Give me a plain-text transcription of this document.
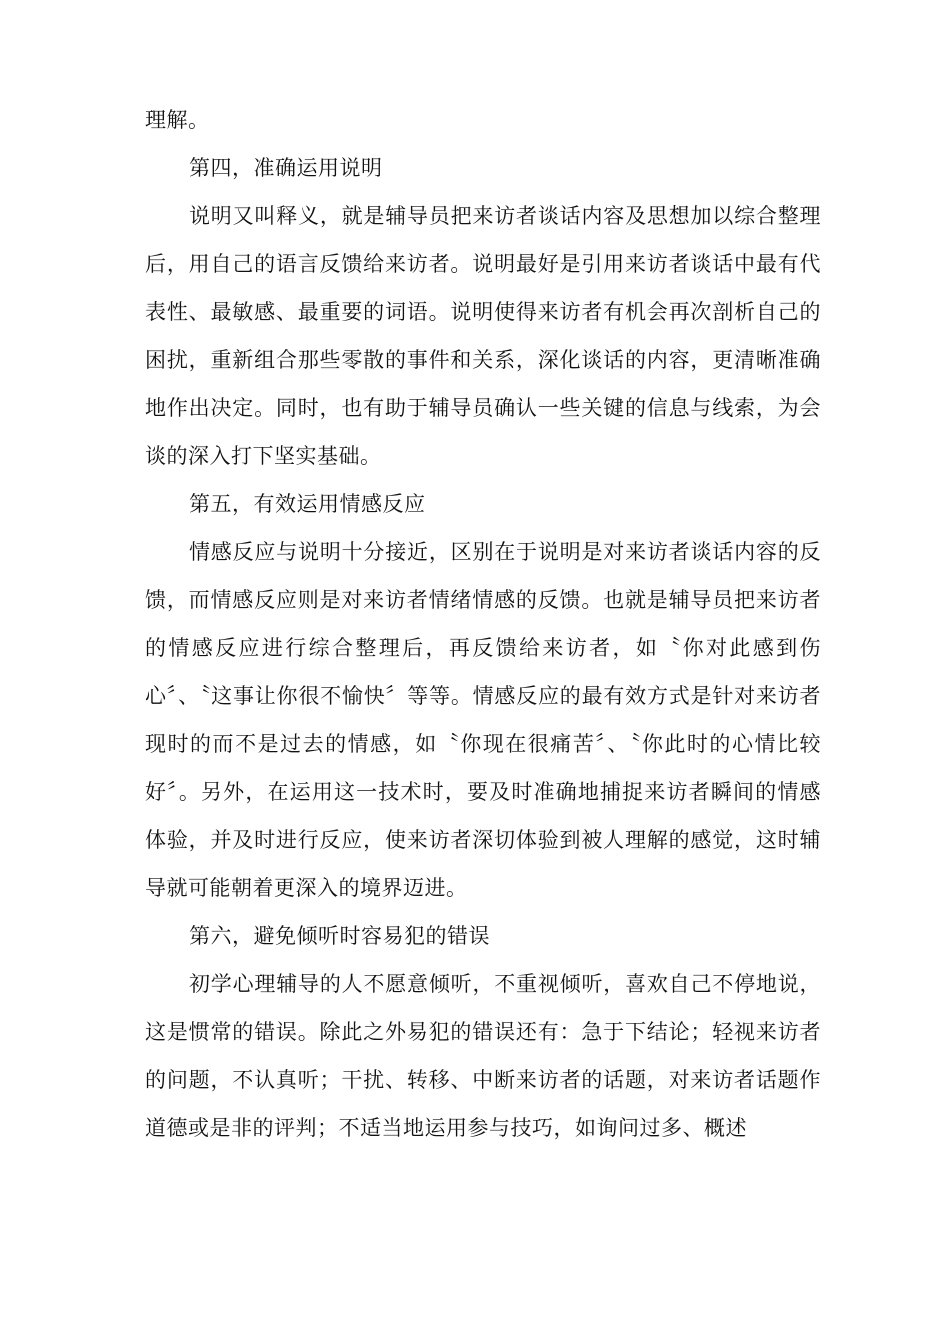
理解。

第四，准确运用说明

说明又叫释义，就是辅导员把来访者谈话内容及思想加以综合整理后，用自己的语言反馈给来访者。说明最好是引用来访者谈话中最有代表性、最敏感、最重要的词语。说明使得来访者有机会再次剖析自己的困扰，重新组合那些零散的事件和关系，深化谈话的内容，更清晰准确地作出决定。同时，也有助于辅导员确认一些关键的信息与线索，为会谈的深入打下坚实基础。

第五，有效运用情感反应

情感反应与说明十分接近，区别在于说明是对来访者谈话内容的反馈，而情感反应则是对来访者情绪情感的反馈。也就是辅导员把来访者的情感反应进行综合整理后，再反馈给来访者，如〝你对此感到伤心〞、〝这事让你很不愉快〞等等。情感反应的最有效方式是针对来访者现时的而不是过去的情感，如〝你现在很痛苦〞、〝你此时的心情比较好〞。另外，在运用这一技术时，要及时准确地捕捉来访者瞬间的情感体验，并及时进行反应，使来访者深切体验到被人理解的感觉，这时辅导就可能朝着更深入的境界迈进。

第六，避免倾听时容易犯的错误

初学心理辅导的人不愿意倾听，不重视倾听，喜欢自己不停地说，这是惯常的错误。除此之外易犯的错误还有：急于下结论；轻视来访者的问题，不认真听；干扰、转移、中断来访者的话题，对来访者话题作道德或是非的评判；不适当地运用参与技巧，如询问过多、概述
